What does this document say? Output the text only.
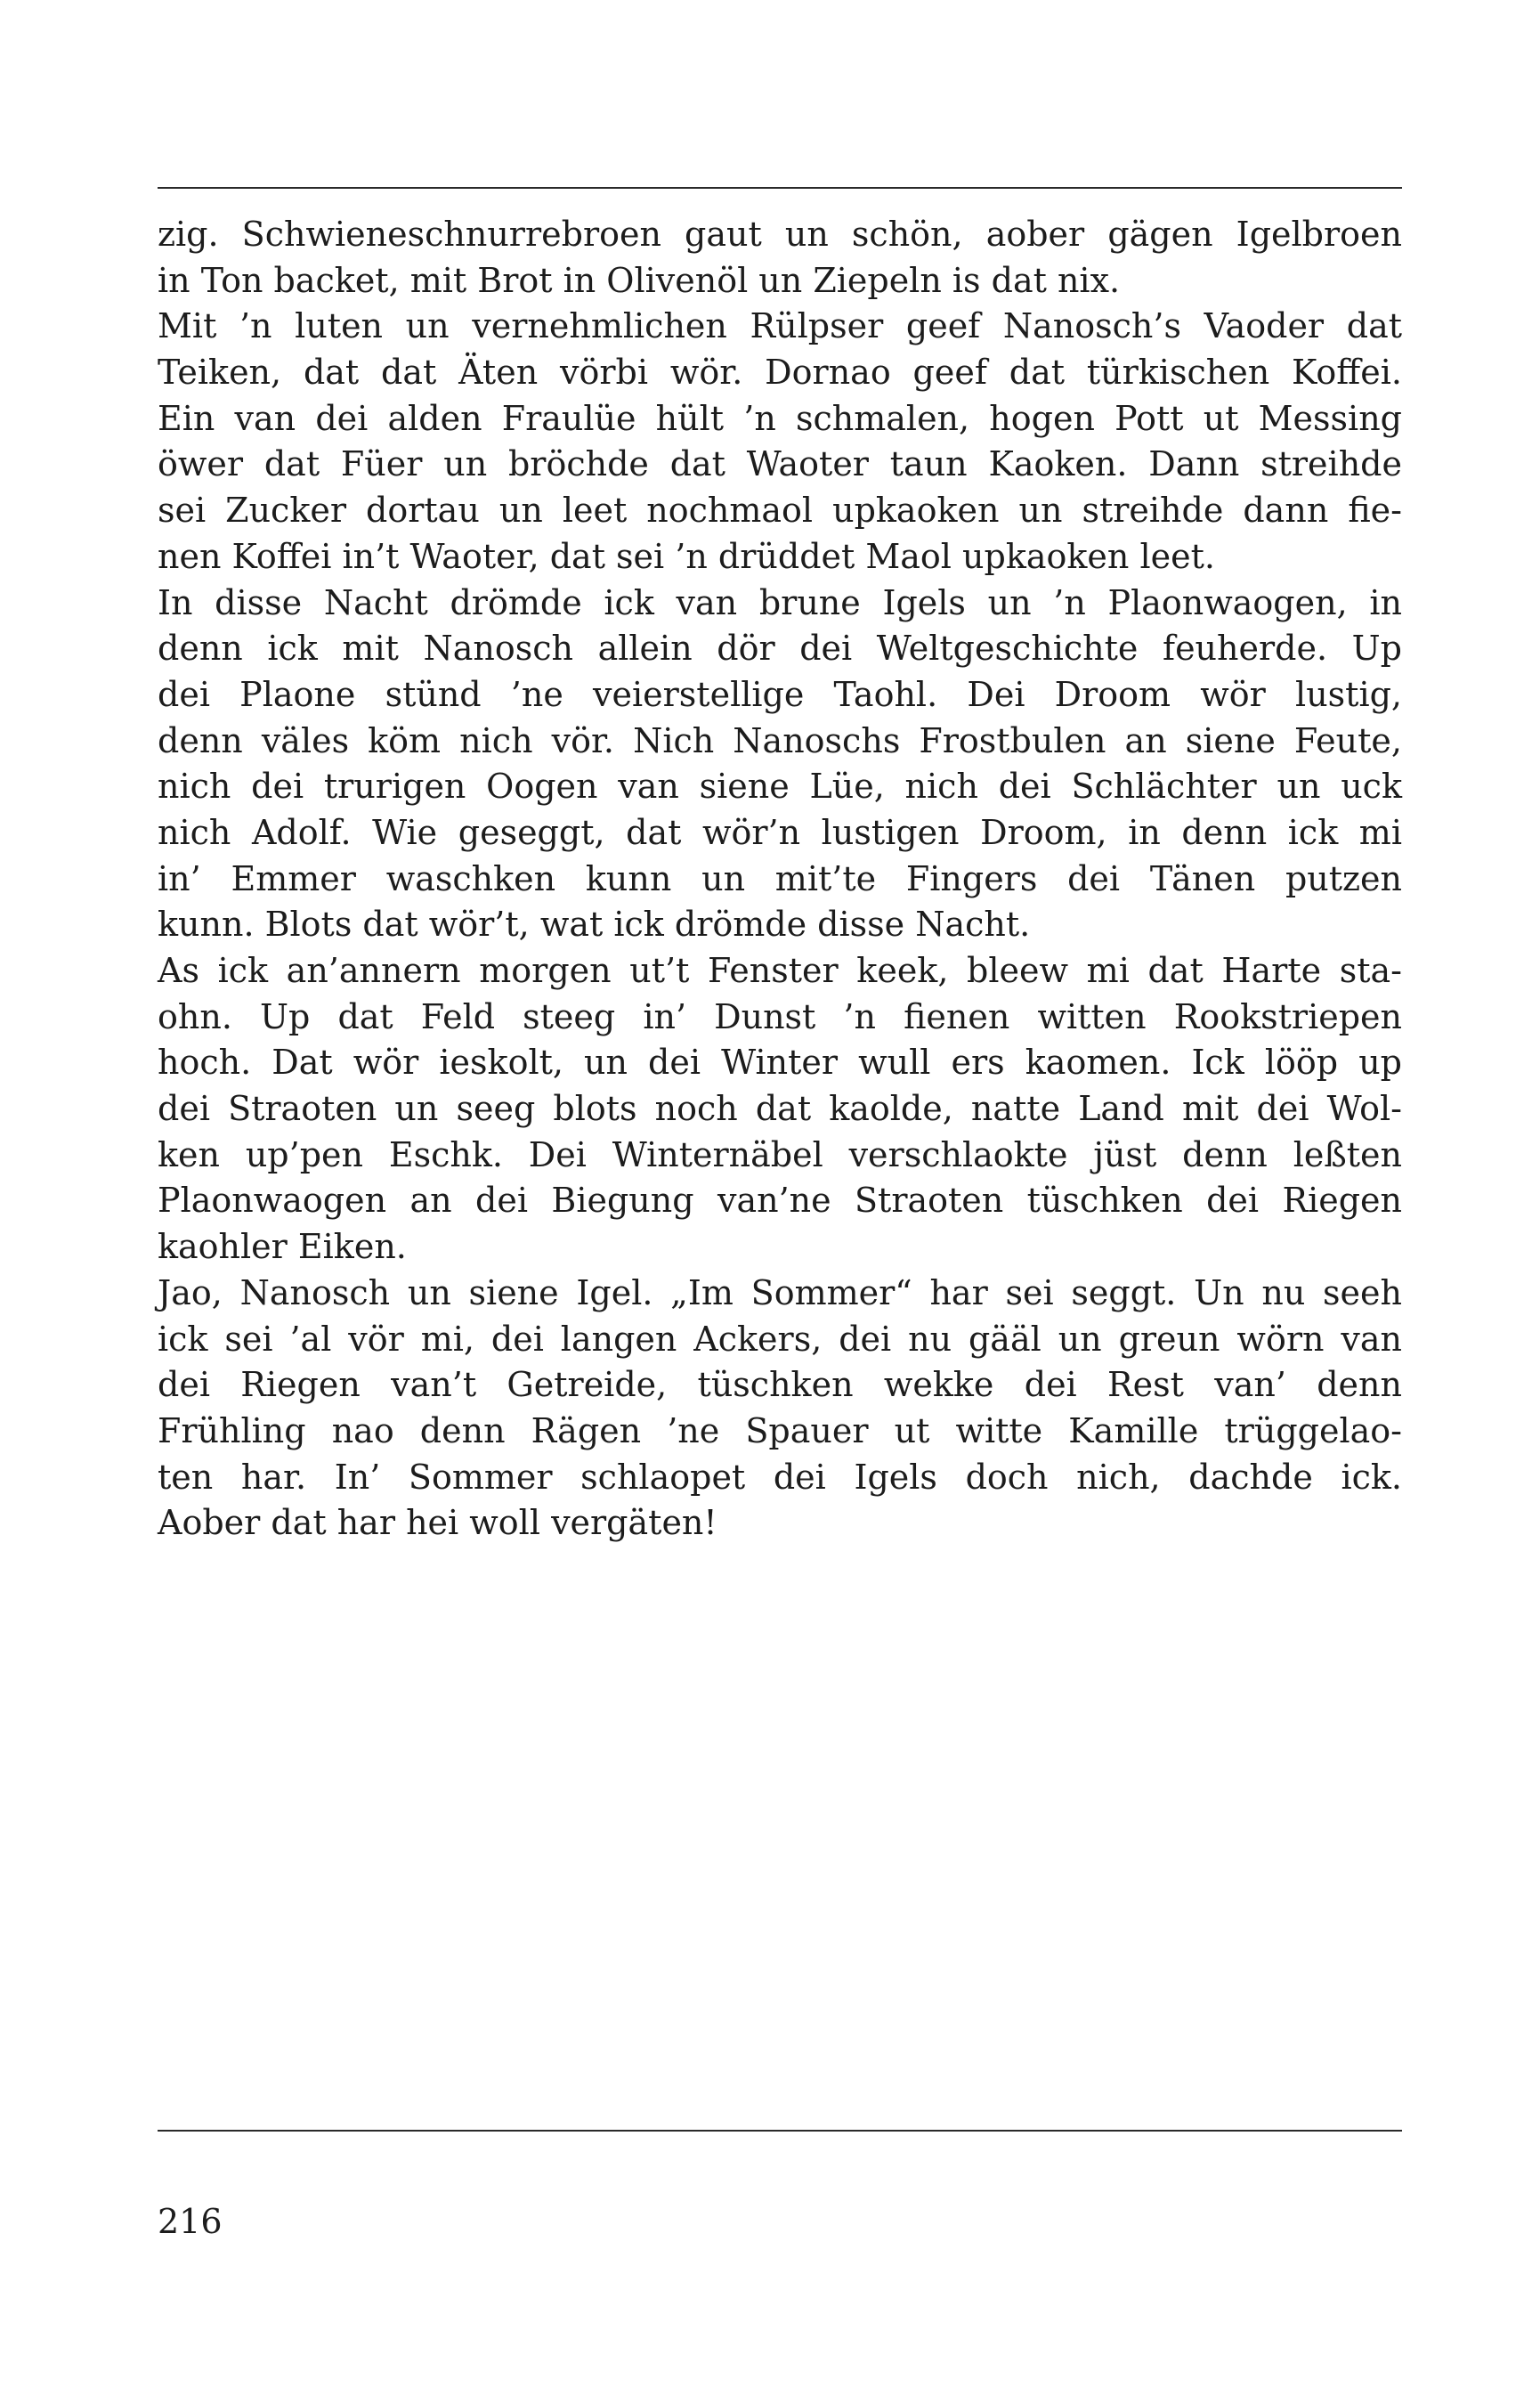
zig. Schwieneschnurrebroen gaut un schön, aober gägen Igelbroen
in Ton backet, mit Brot in Olivenöl un Ziepeln is dat nix.
Mit ’n luten un vernehmlichen Rülpser geef Nanosch’s Vaoder dat
Teiken, dat dat Äten vörbi wör. Dornao geef dat türkischen Koffei.
Ein van dei alden Fraulüe hült ’n schmalen, hogen Pott ut Messing
öwer dat Füer un bröchde dat Waoter taun Kaoken. Dann streihde
sei Zucker dortau un leet nochmaol upkaoken un streihde dann fie-
nen Koffei in’t Waoter, dat sei ’n drüddet Maol upkaoken leet.
In disse Nacht drömde ick van brune Igels un ’n Plaonwaogen, in
denn ick mit Nanosch allein dör dei Weltgeschichte feuherde. Up
dei Plaone stünd ’ne veierstellige Taohl. Dei Droom wör lustig,
denn väles köm nich vör. Nich Nanoschs Frostbulen an siene Feute,
nich dei trurigen Oogen van siene Lüe, nich dei Schlächter un uck
nich Adolf. Wie geseggt, dat wör’n lustigen Droom, in denn ick mi
in’ Emmer waschken kunn un mit’te Fingers dei Tänen putzen
kunn. Blots dat wör’t, wat ick drömde disse Nacht.
As ick an’annern morgen ut’t Fenster keek, bleew mi dat Harte sta-
ohn. Up dat Feld steeg in’ Dunst ’n fienen witten Rookstriepen
hoch. Dat wör ieskolt, un dei Winter wull ers kaomen. Ick lööp up
dei Straoten un seeg blots noch dat kaolde, natte Land mit dei Wol-
ken up’pen Eschk. Dei Winternäbel verschlaokte jüst denn leßten
Plaonwaogen an dei Biegung van’ne Straoten tüschken dei Riegen
kaohler Eiken.
Jao, Nanosch un siene Igel. „Im Sommer“ har sei seggt. Un nu seeh
ick sei ’al vör mi, dei langen Ackers, dei nu gääl un greun wörn van
dei Riegen van’t Getreide, tüschken wekke dei Rest van’ denn
Frühling nao denn Rägen ’ne Spauer ut witte Kamille trüggelao-
ten har. In’ Sommer schlaopet dei Igels doch nich, dachde ick.
Aober dat har hei woll vergäten!
216
